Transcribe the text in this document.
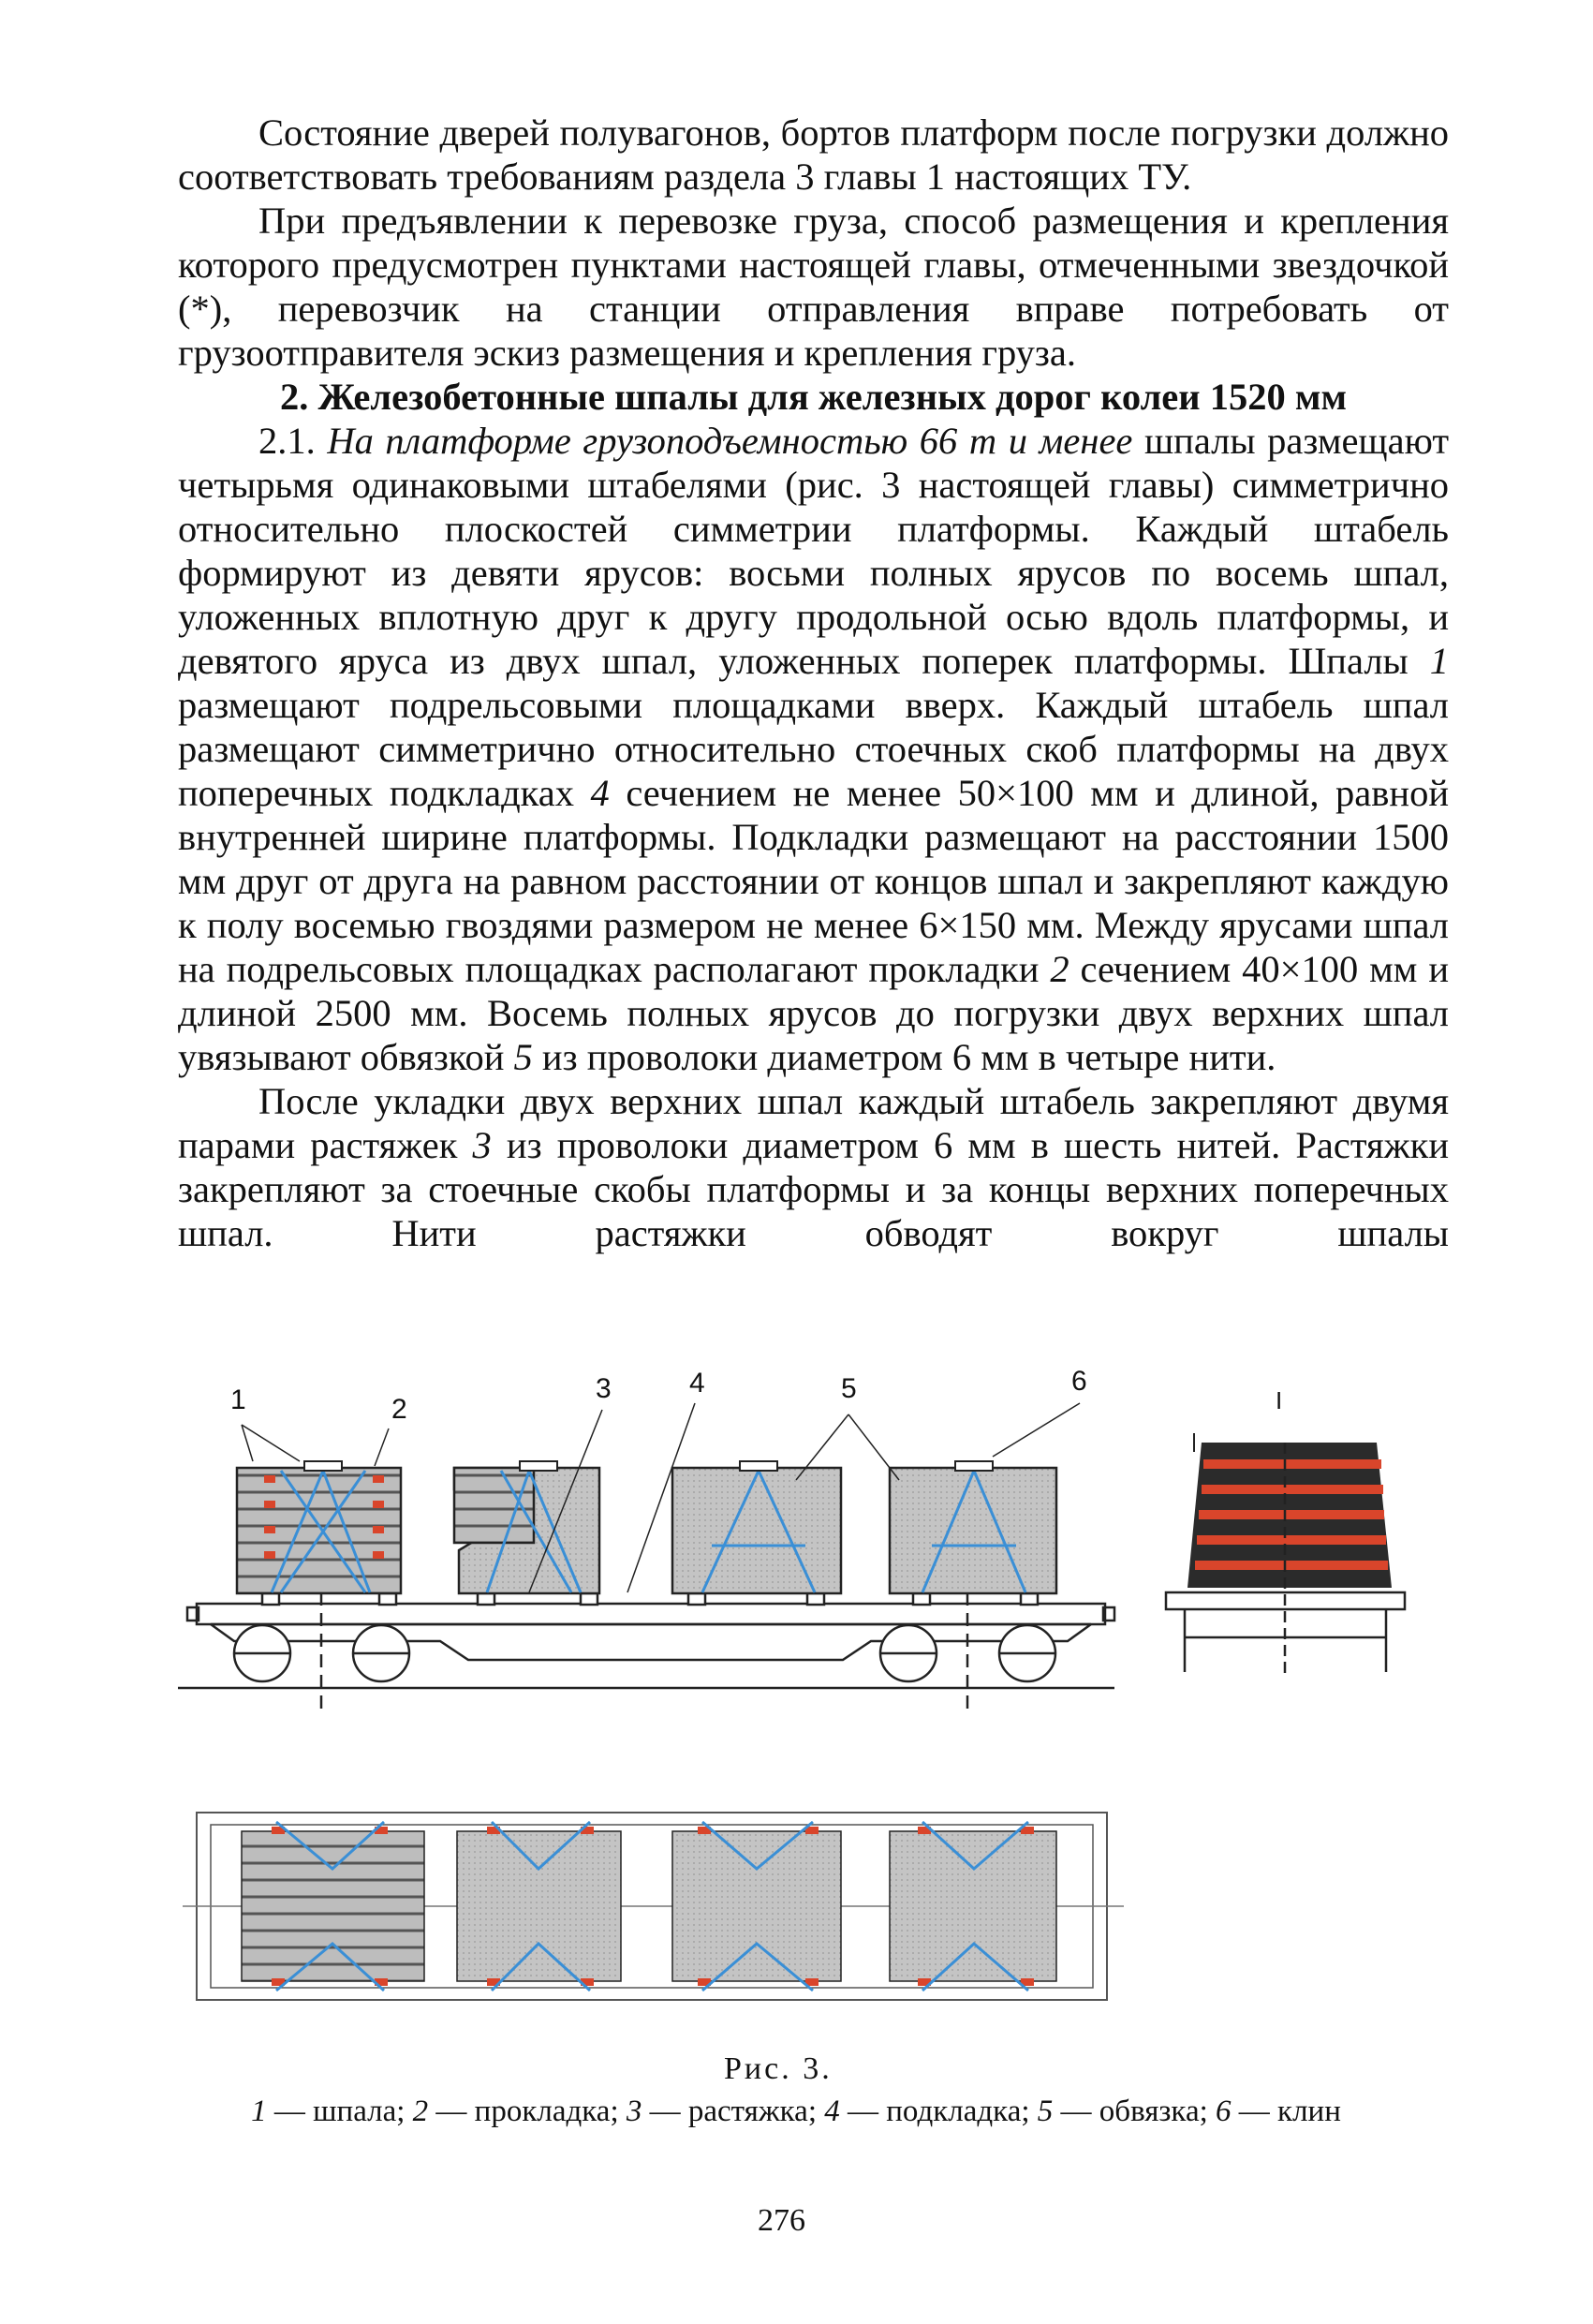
Состояние дверей полувагонов, бортов платформ после погрузки должно соответствовать требованиям раздела 3 главы 1 настоящих ТУ.

При предъявлении к перевозке груза, способ размещения и крепления которого предусмотрен пунктами настоящей главы, отмеченными звездочкой (*), перевозчик на станции отправления вправе потребовать от грузоотправителя эскиз размещения и крепления груза.

2. Железобетонные шпалы для железных дорог колеи 1520 мм

2.1. На платформе грузоподъемностью 66 т и менее шпалы размещают четырьмя одинаковыми штабелями (рис. 3 настоящей главы) симметрично относительно плоскостей симметрии платформы. Каждый штабель формируют из девяти ярусов: восьми полных ярусов по восемь шпал, уложенных вплотную друг к другу продольной осью вдоль платформы, и девятого яруса из двух шпал, уложенных поперек платформы. Шпалы 1 размещают подрельсовыми площадками вверх. Каждый штабель шпал размещают симметрично относительно стоечных скоб платформы на двух поперечных подкладках 4 сечением не менее 50×100 мм и длиной, равной внутренней ширине платформы. Подкладки размещают на расстоянии 1500 мм друг от друга на равном расстоянии от концов шпал и закрепляют каждую к полу восемью гвоздями размером не менее 6×150 мм. Между ярусами шпал на подрельсовых площадках располагают прокладки 2 сечением 40×100 мм и длиной 2500 мм. Восемь полных ярусов до погрузки двух верхних шпал увязывают обвязкой 5 из проволоки диаметром 6 мм в четыре нити.

После укладки двух верхних шпал каждый штабель закрепляют двумя парами растяжек 3 из проволоки диаметром 6 мм в шесть нитей. Растяжки закрепляют за стоечные скобы платформы и за концы верхних поперечных шпал. Нити растяжки обводят вокруг шпалы

1	2
3	4	5	6
I
Рис. 3.
1 — шпала; 2 — прокладка; 3 — растяжка; 4 — подкладка; 5 — обвязка; 6 — клин
276
